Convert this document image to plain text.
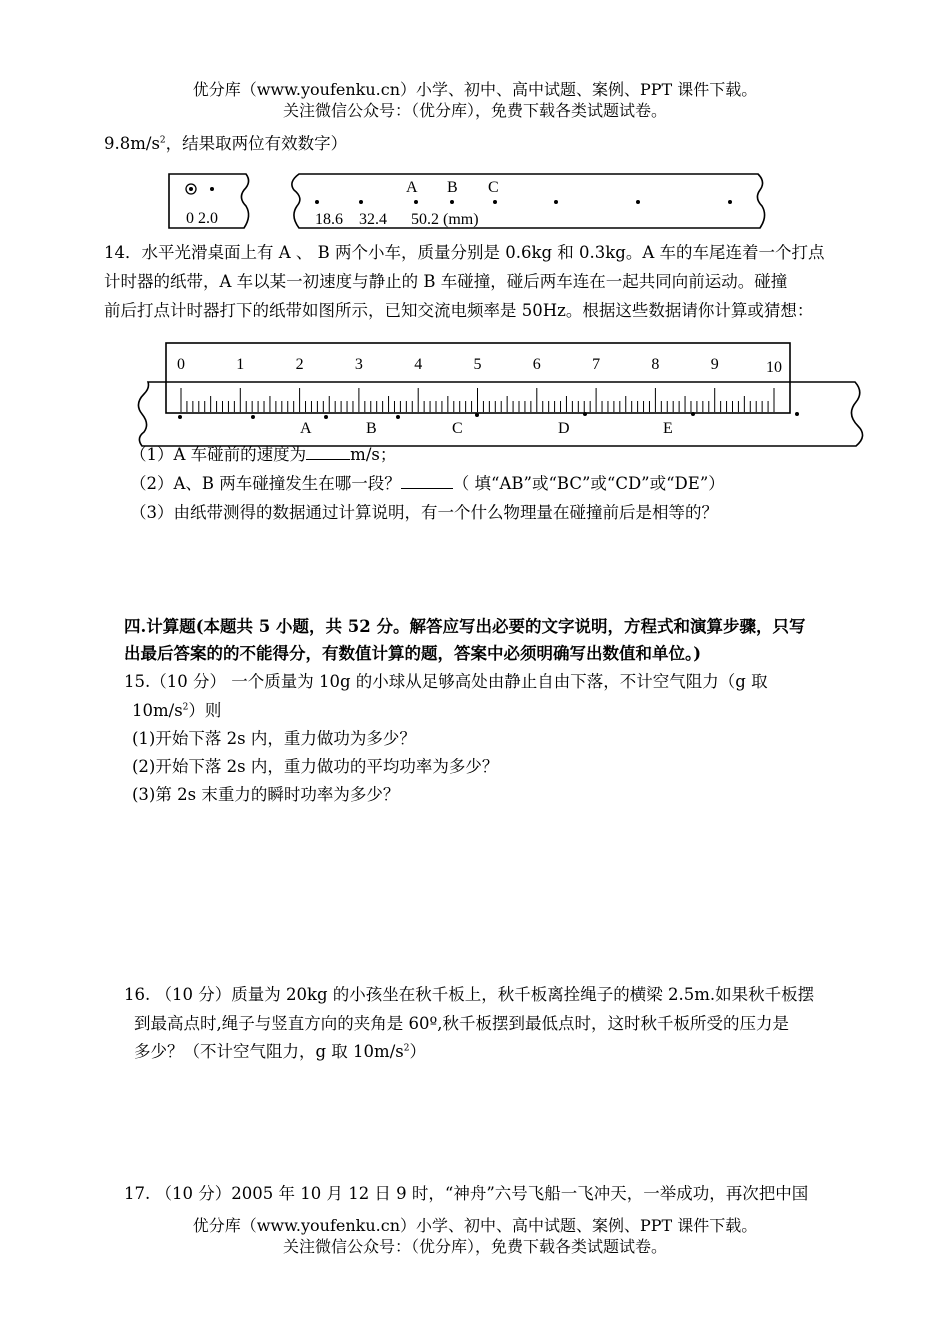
优分库（www.youfenku.cn）小学、初中、高中试题、案例、PPT 课件下载。
关注微信公众号：（优分库），免费下载各类试题试卷。
$9.8m/s^2$，结果取两位有效数字）
0 2.0
A B C
18.6    32.4      50.2 (mm)
14．水平光滑桌面上有 A 、 B 两个小车，质量分别是 0.6kg 和 0.3kg。A 车的车尾连着一个打点
计时器的纸带，A 车以某一初速度与静止的 B 车碰撞，碰后两车连在一起共同向前运动。碰撞
前后打点计时器打下的纸带如图所示，已知交流电频率是 50Hz。根据这些数据请你计算或猜想：
0	1	2	3	4	5	6	7	8	9	10
A	B	C	D	E
（1）A 车碰前的速度为	m/s；
（2）A、B 两车碰撞发生在哪一段？	（ 填“AB”或“BC”或“CD”或“DE”）
（3）由纸带测得的数据通过计算说明，有一个什么物理量在碰撞前后是相等的？
四.计算题(本题共 5 小题，共 52 分。解答应写出必要的文字说明，方程式和演算步骤，只写
出最后答案的的不能得分，有数值计算的题，答案中必须明确写出数值和单位。)
15.（10 分） 一个质量为 10g 的小球从足够高处由静止自由下落，不计空气阻力（g 取
$10m/s^2$）则
(1)开始下落 2s 内，重力做功为多少？
(2)开始下落 2s 内，重力做功的平均功率为多少？
(3)第 2s 末重力的瞬时功率为多少？
16. （10 分）质量为 20kg 的小孩坐在秋千板上，秋千板离拴绳子的横梁 2.5m.如果秋千板摆
到最高点时,绳子与竖直方向的夹角是 60º,秋千板摆到最低点时，这时秋千板所受的压力是
多少？（不计空气阻力，g 取 $10m/s^2$）
17. （10 分）2005 年 10 月 12 日 9 时，“神舟”六号飞船一飞冲天，一举成功，再次把中国
优分库（www.youfenku.cn）小学、初中、高中试题、案例、PPT 课件下载。
关注微信公众号：（优分库），免费下载各类试题试卷。
